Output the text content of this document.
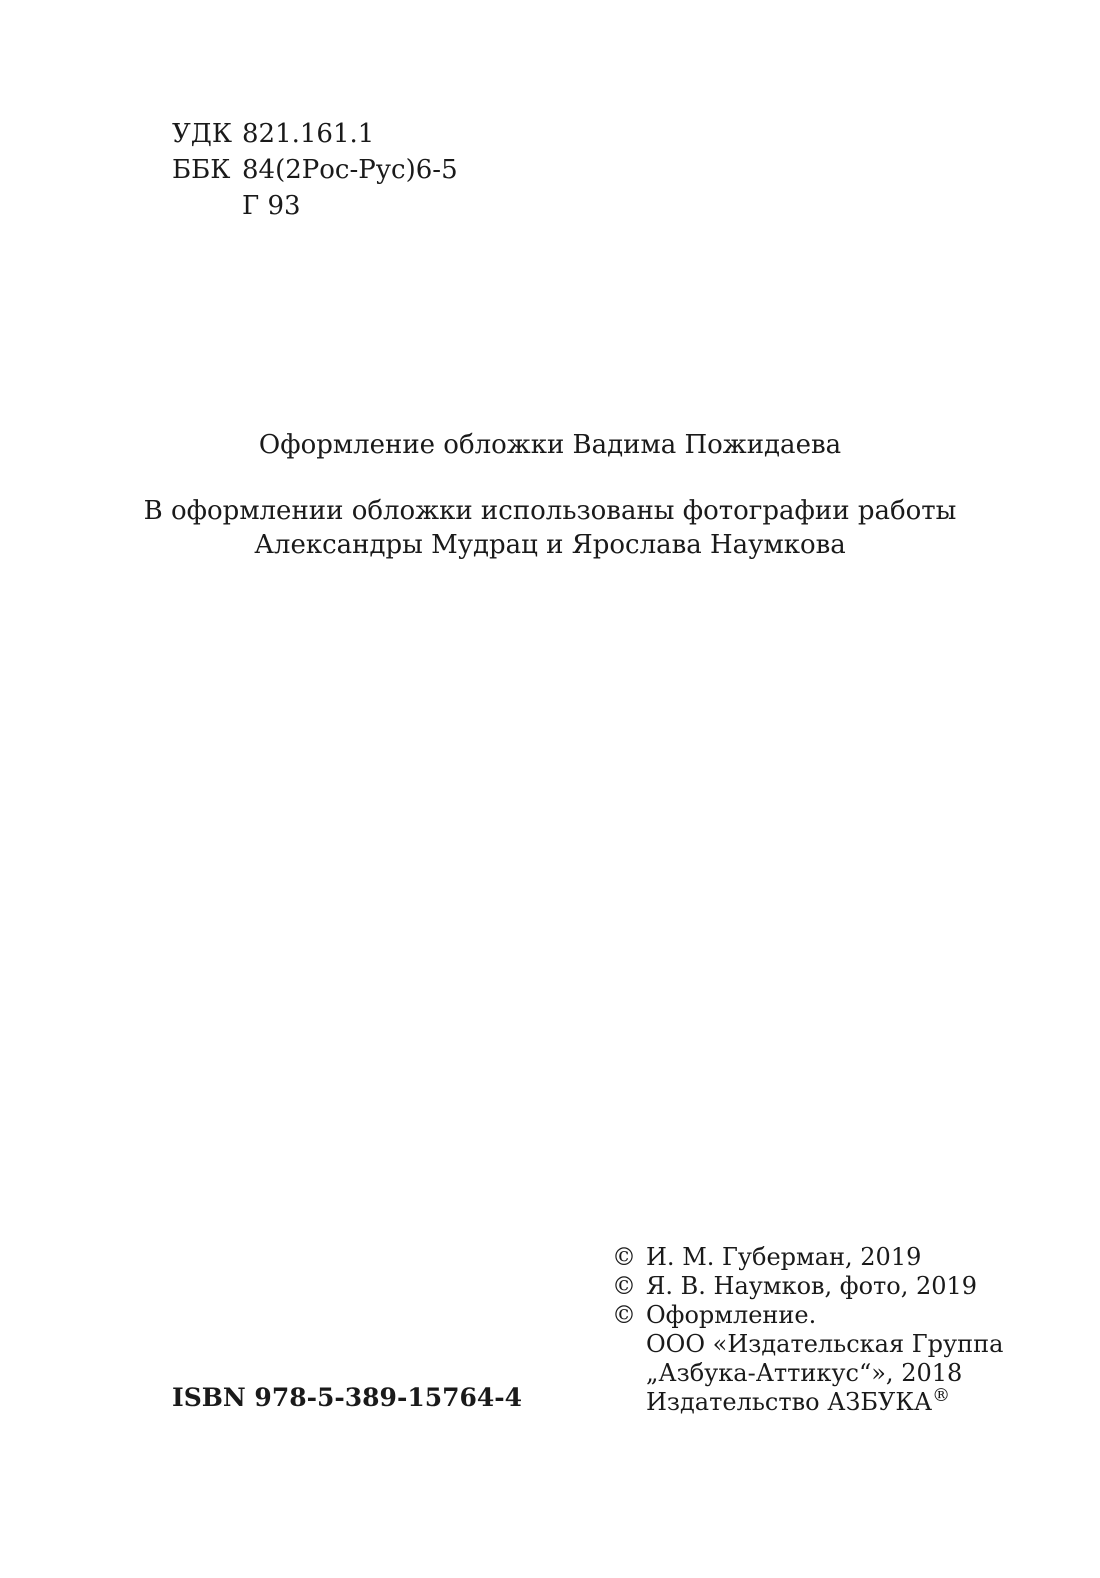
УДК 821.161.1
ББК 84(2Рос-Рус)6-5
Г 93

Оформление обложки Вадима Пожидаева

В оформлении обложки использованы фотографии работы
Александры Мудрац и Ярослава Наумкова

© И. М. Губерман, 2019
© Я. В. Наумков, фото, 2019
© Оформление.
ООО «Издательская Группа
„Азбука-Аттикус“», 2018
Издательство АЗБУКА®
ISBN 978-5-389-15764-4
